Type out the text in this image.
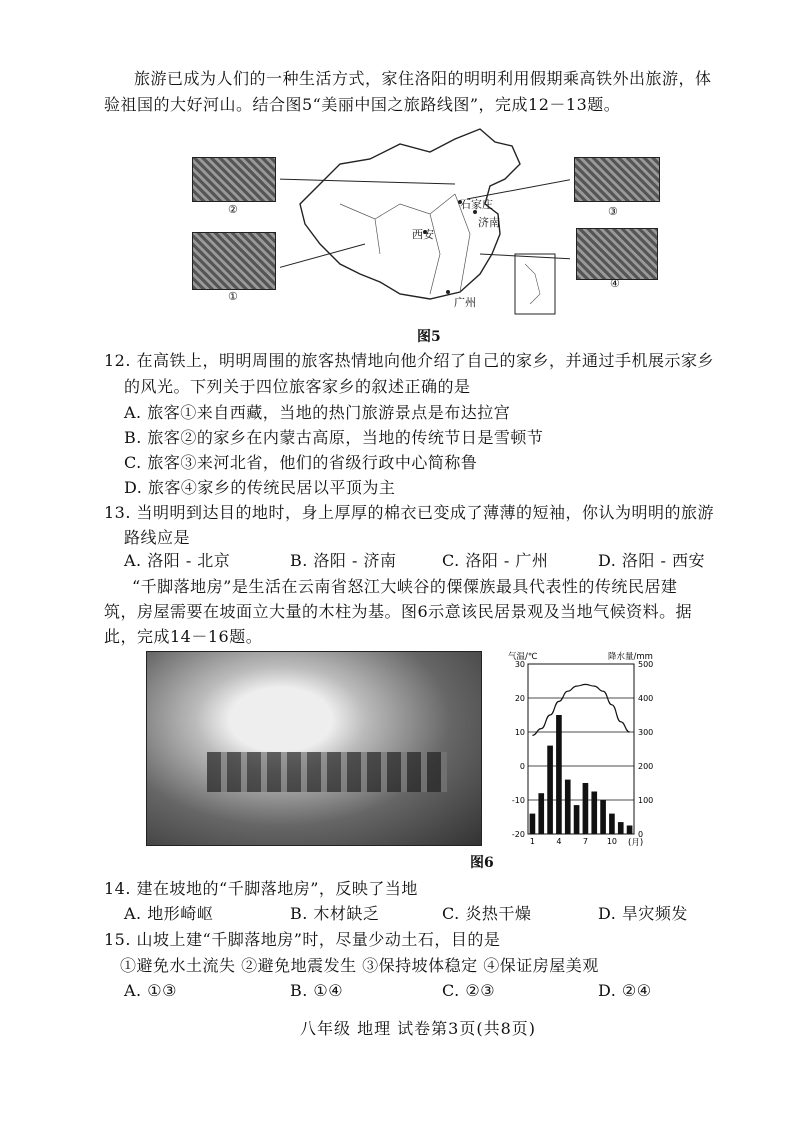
旅游已成为人们的一种生活方式，家住洛阳的明明利用假期乘高铁外出旅游，体
验祖国的大好河山。结合图5“美丽中国之旅路线图”，完成12－13题。
②	③
①
④
石家庄
济南
西安
广州
图5
12. 在高铁上，明明周围的旅客热情地向他介绍了自己的家乡，并通过手机展示家乡
的风光。下列关于四位旅客家乡的叙述正确的是
A. 旅客①来自西藏，当地的热门旅游景点是布达拉宫
B. 旅客②的家乡在内蒙古高原，当地的传统节日是雪顿节
C. 旅客③来河北省，他们的省级行政中心简称鲁
D. 旅客④家乡的传统民居以平顶为主
13. 当明明到达目的地时，身上厚厚的棉衣已变成了薄薄的短袖，你认为明明的旅游
路线应是
A. 洛阳 - 北京	B. 洛阳 - 济南	C. 洛阳 - 广州	D. 洛阳 - 西安
“千脚落地房”是生活在云南省怒江大峡谷的傈僳族最具代表性的传统民居建
筑，房屋需要在坡面立大量的木柱为基。图6示意该民居景观及当地气候资料。据
此，完成14－16题。
气温/℃	降水量/mm
30
20
10
0
-10
-20
500
400
300
200
100
0
1	4	7 10 (月)
图6
14. 建在坡地的“千脚落地房”，反映了当地
A. 地形崎岖	B. 木材缺乏	C. 炎热干燥	D. 旱灾频发
15. 山坡上建“千脚落地房”时，尽量少动土石，目的是
①避免水土流失 ②避免地震发生 ③保持坡体稳定 ④保证房屋美观
A. ①③	B. ①④	C. ②③	D. ②④
八年级 地理 试卷第3页(共8页)
